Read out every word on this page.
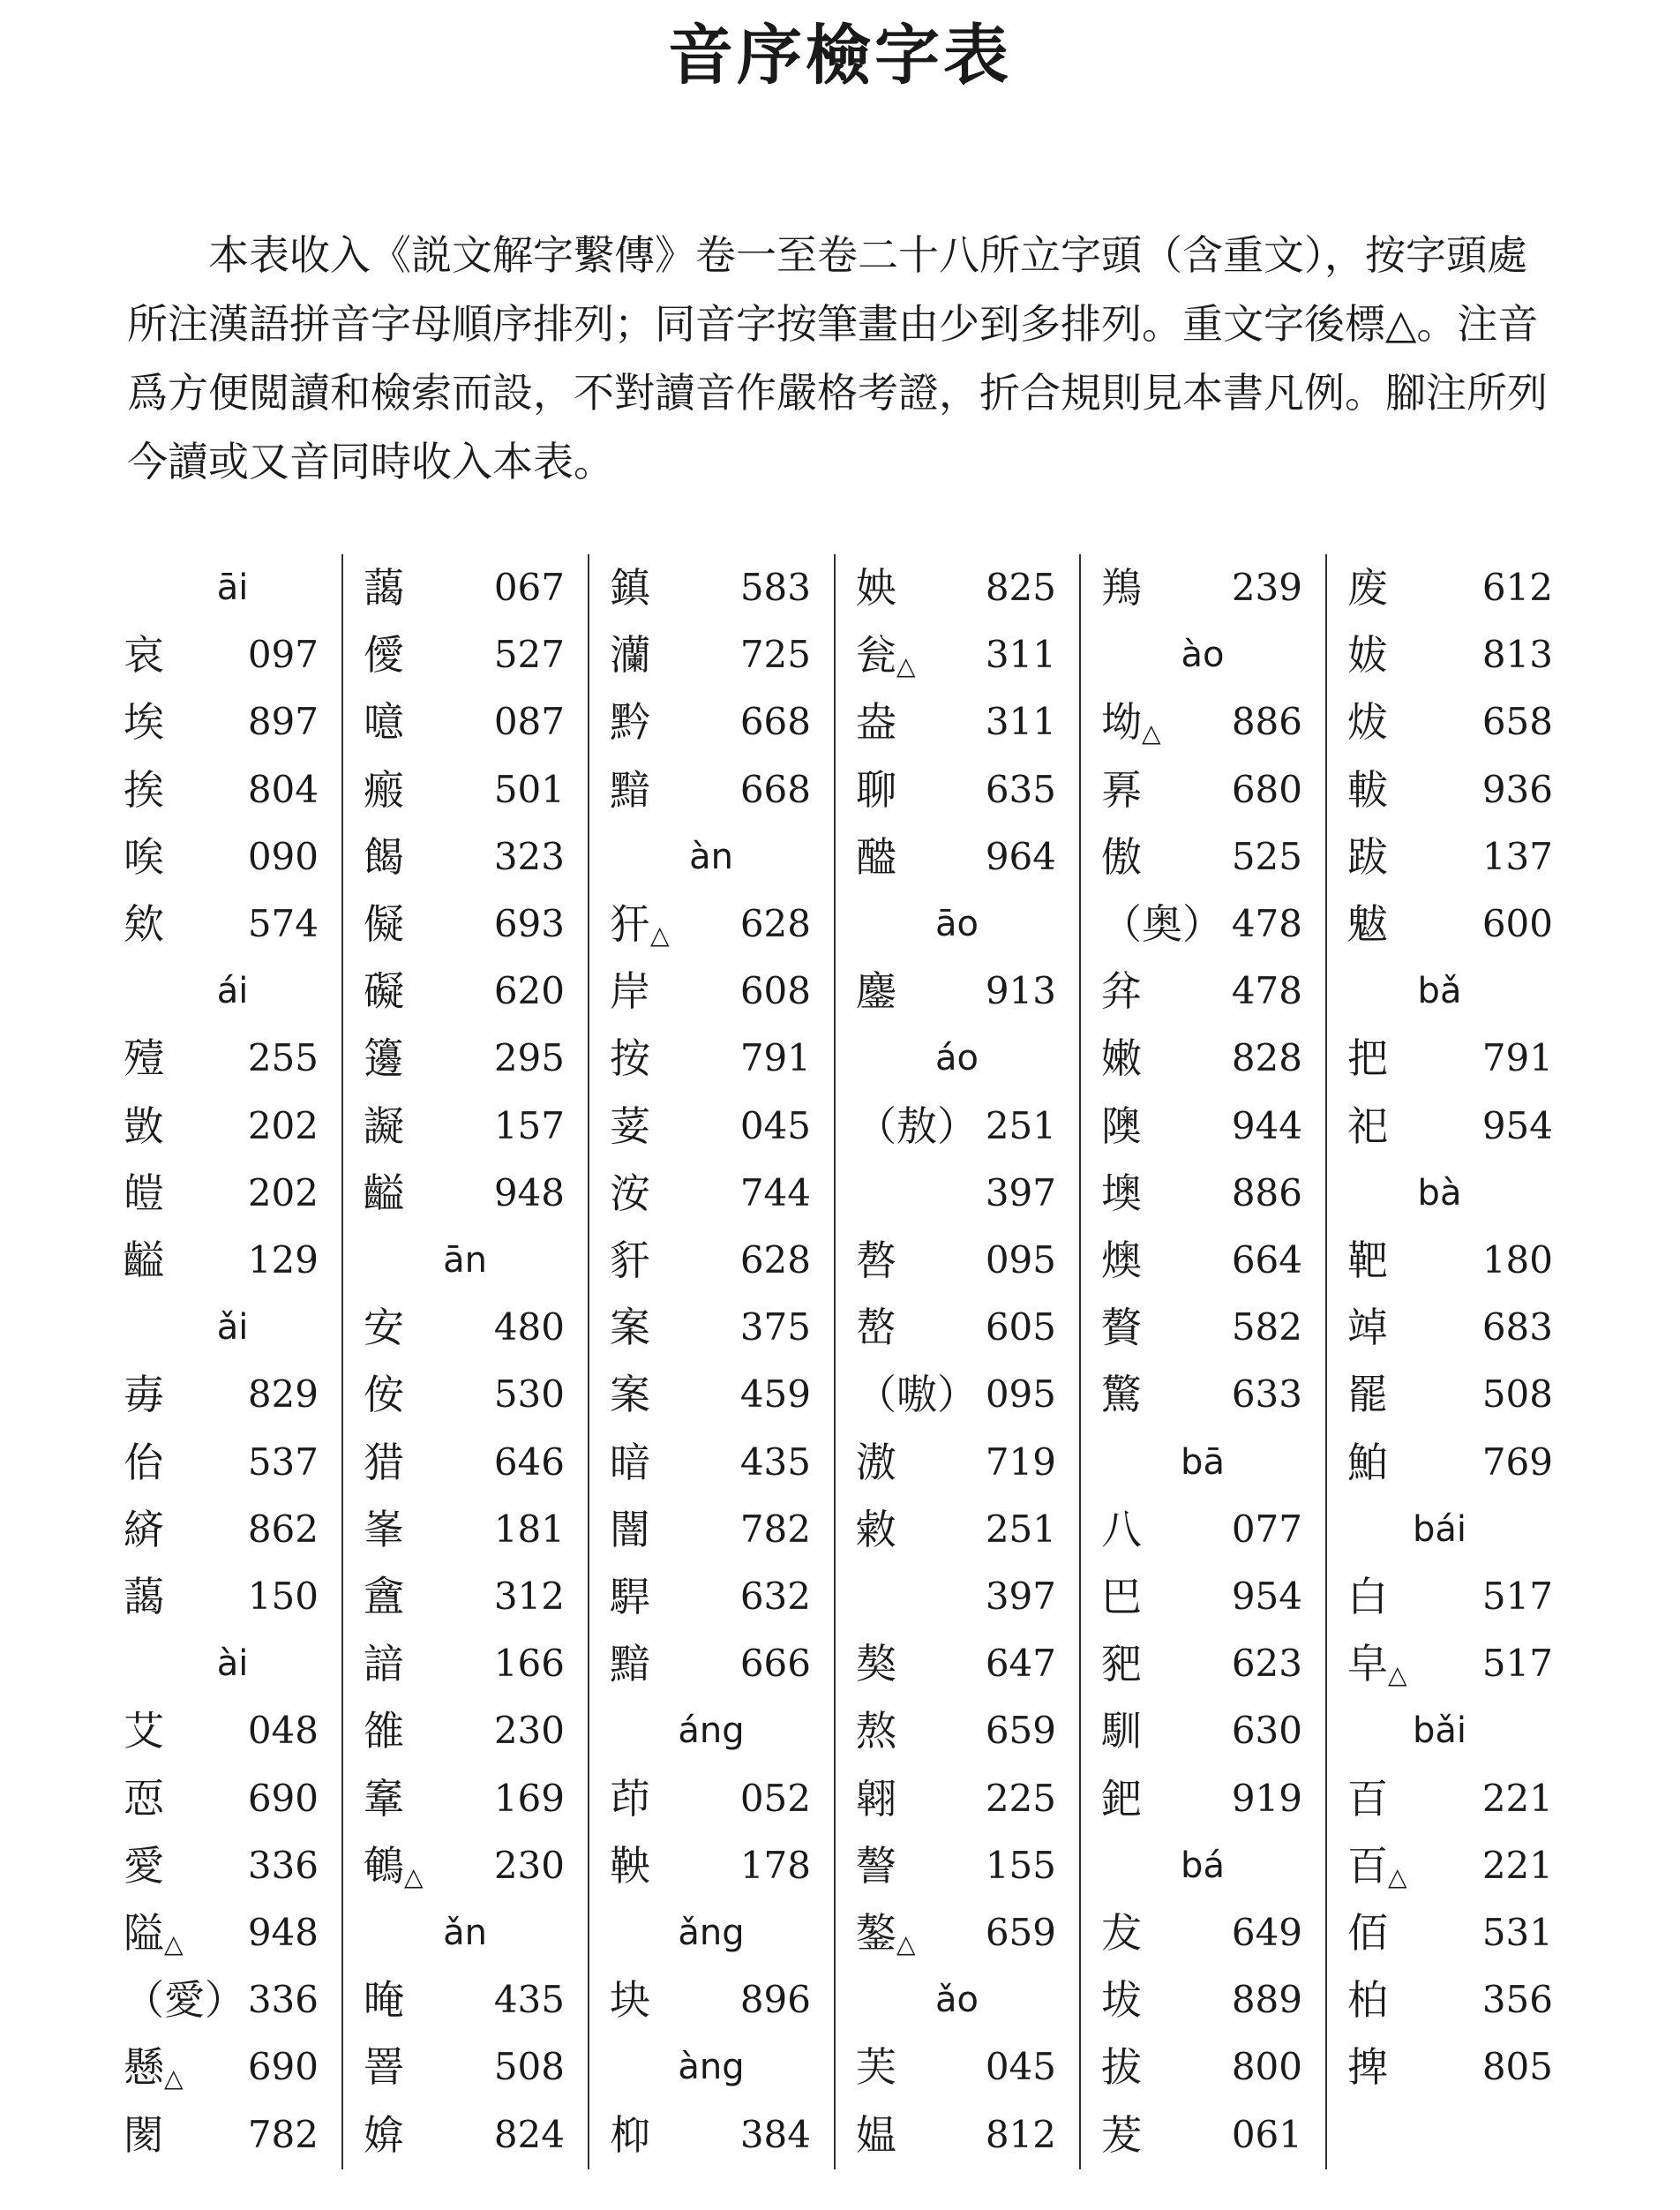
音序檢字表

本表收入《説文解字繫傳》卷一至卷二十八所立字頭（含重文），按字頭處所注漢語拼音字母順序排列；同音字按筆畫由少到多排列。重文字後標△。注音爲方便閲讀和檢索而設，不對讀音作嚴格考證，折合規則見本書凡例。腳注所列今讀或又音同時收入本表。

āi
哀	097
埃	897
挨	804
唉	090
欸	574
ái
殪	255
敳	202
皚	202
齸	129
ǎi
毐	829
佁	537
緕	862
藹	150
ài
艾	048
恧	690
愛	336
隘△	948
（愛） 336
懸△	690
閡	782
藹	067
僾	527
噫	087
瘢	501
餲	323
儗	693
礙	620
籩	295
譺	157
齸	948
ān
安	480
侒	530
猎	646
峯	181
盦	312
諳	166
雒	230
鞌	169
鵪△	230
ǎn
晻	435
罯	508
媕	824
鎮	583
灡	725
黔	668
黯	668
àn
犴△	628
岸	608
按	791
荽	045
洝	744
豻	628
案	375
案	459
暗	435
闇	782
駻	632
黯	666
áng
茚	052
鞅	178
ǎng
块	896
àng
枊	384
姎	825
瓮△	311
盎	311
聊	635
醠	964
āo
鏖	913
áo
（敖） 251
397
嗸	095
嶅	605
（嗷） 095
滶	719
敹	251
397
獒	647
熬	659
翶	225
謷	155
鏊△	659
ǎo
芙	045
媪	812
鴹	239
ào
坳△	886
奡	680
傲	525
（奥） 478
弅	478
嫩	828
隩	944
墺	886
燠	664
贅	582
驚	633
bā
八	077
巴	954
豝	623
馴	630
鈀	919
bá
犮	649
坺	889
拔	800
茇	061
废	612
妭	813
炦	658
軷	936
跋	137
魃	600
bǎ
把	791
祀	954
bà
靶	180
竨	683
罷	508
鮊	769
bái
白	517
皁△	517
bǎi
百	221
百△	221
佰	531
柏	356
捭	805
